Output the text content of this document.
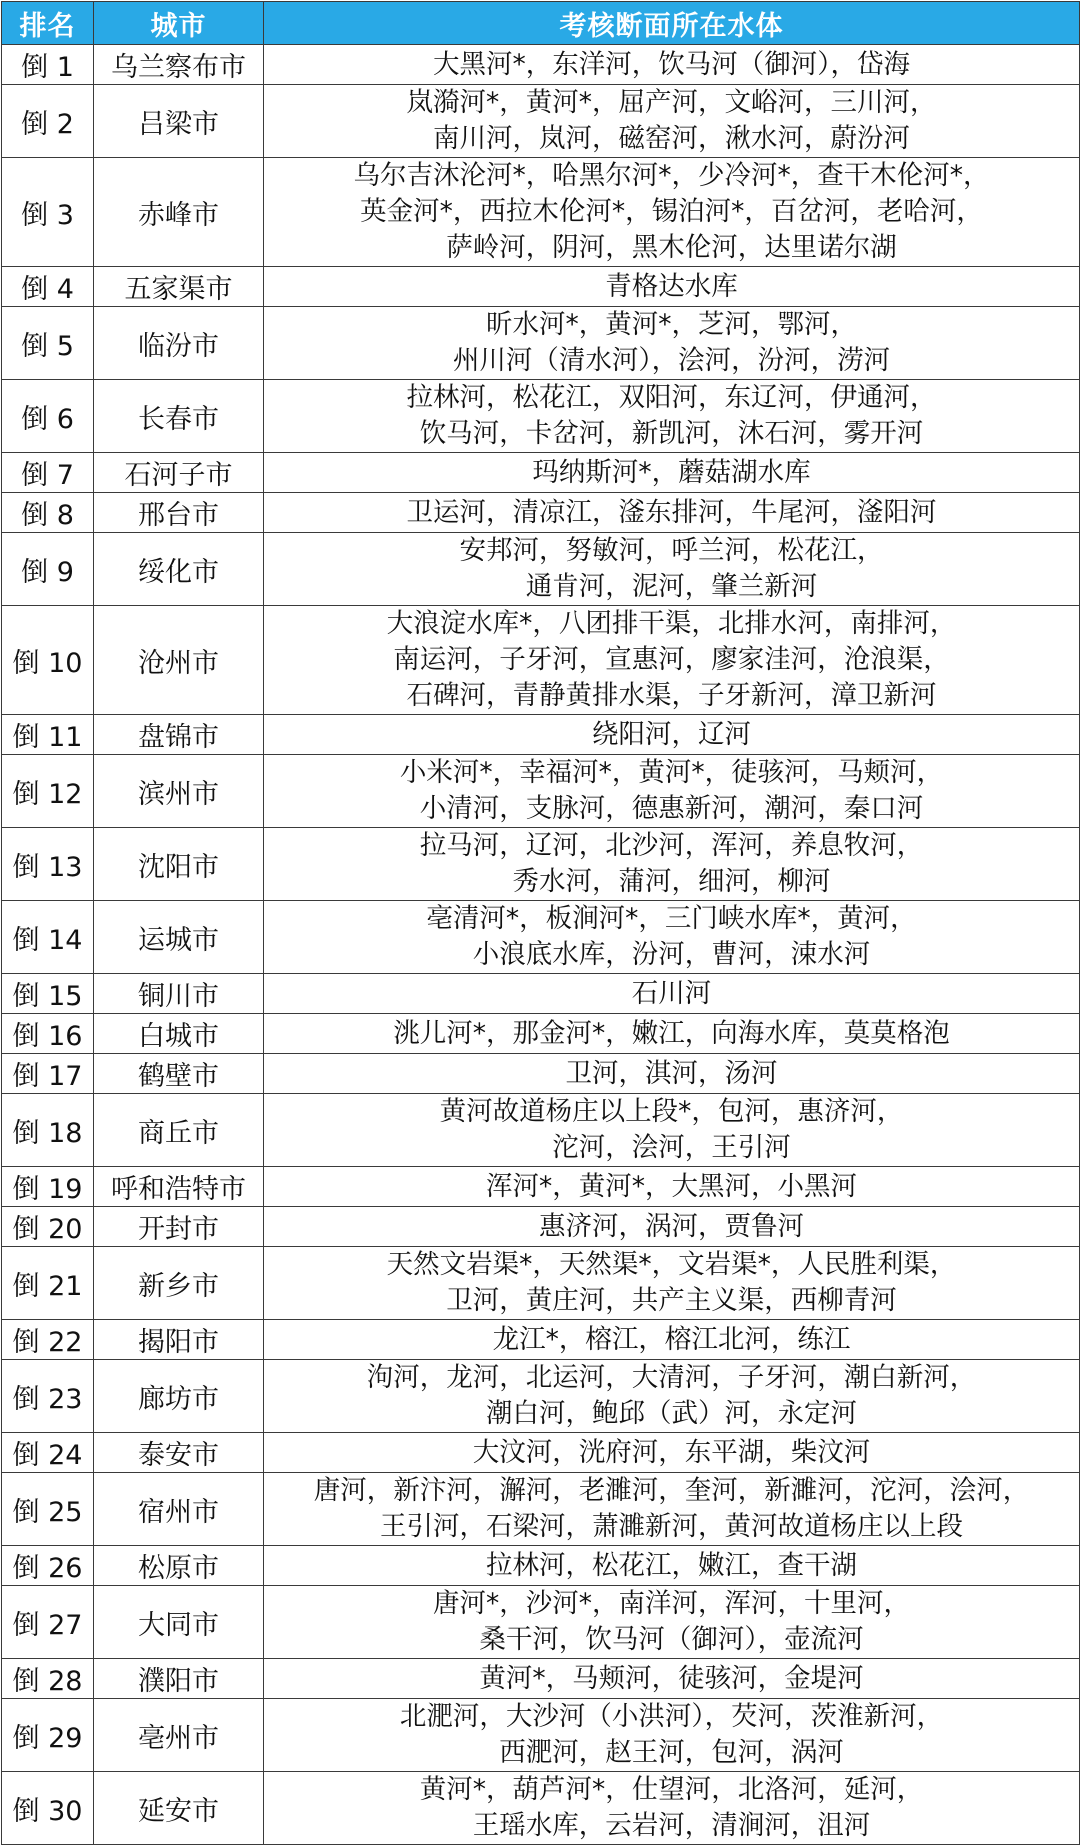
排名	城市	考核断面所在水体
倒 1	乌兰察布市	大黑河*，东洋河，饮马河（御河），岱海
倒 2	吕梁市	岚漪河*，黄河*，屈产河，文峪河，三川河，
南川河，岚河，磁窑河，湫水河，蔚汾河
倒 3	赤峰市	乌尔吉沐沦河*，哈黑尔河*，少冷河*，查干木伦河*，
英金河*，西拉木伦河*，锡泊河*，百岔河，老哈河，
萨岭河，阴河，黑木伦河，达里诺尔湖
倒 4	五家渠市	青格达水库
倒 5	临汾市	昕水河*，黄河*，芝河，鄂河，
州川河（清水河），浍河，汾河，涝河
倒 6	长春市	拉林河，松花江，双阳河，东辽河，伊通河，
饮马河，卡岔河，新凯河，沐石河，雾开河
倒 7	石河子市	玛纳斯河*，蘑菇湖水库
倒 8	邢台市	卫运河，清凉江，滏东排河，牛尾河，滏阳河
倒 9	绥化市	安邦河，努敏河，呼兰河，松花江，
通肯河，泥河，肇兰新河
倒 10	沧州市	大浪淀水库*，八团排干渠，北排水河，南排河，
南运河，子牙河，宣惠河，廖家洼河，沧浪渠，
石碑河，青静黄排水渠，子牙新河，漳卫新河
倒 11	盘锦市	绕阳河，辽河
倒 12	滨州市	小米河*，幸福河*，黄河*，徒骇河，马颊河，
小清河，支脉河，德惠新河，潮河，秦口河
倒 13	沈阳市	拉马河，辽河，北沙河，浑河，养息牧河，
秀水河，蒲河，细河，柳河
倒 14	运城市	亳清河*，板涧河*，三门峡水库*，黄河，
小浪底水库，汾河，曹河，涑水河
倒 15	铜川市	石川河
倒 16	白城市	洮儿河*，那金河*，嫩江，向海水库，莫莫格泡
倒 17	鹤壁市	卫河，淇河，汤河
倒 18	商丘市	黄河故道杨庄以上段*，包河，惠济河，
沱河，浍河，王引河
倒 19	呼和浩特市	浑河*，黄河*，大黑河，小黑河
倒 20	开封市	惠济河，涡河，贾鲁河
倒 21	新乡市	天然文岩渠*，天然渠*，文岩渠*，人民胜利渠，
卫河，黄庄河，共产主义渠，西柳青河
倒 22	揭阳市	龙江*，榕江，榕江北河，练江
倒 23	廊坊市	泃河，龙河，北运河，大清河，子牙河，潮白新河，
潮白河，鲍邱（武）河，永定河
倒 24	泰安市	大汶河，洸府河，东平湖，柴汶河
倒 25	宿州市	唐河，新汴河，澥河，老濉河，奎河，新濉河，沱河，浍河，
王引河，石梁河，萧濉新河，黄河故道杨庄以上段
倒 26	松原市	拉林河，松花江，嫩江，查干湖
倒 27	大同市	唐河*，沙河*，南洋河，浑河，十里河，
桑干河，饮马河（御河），壶流河
倒 28	濮阳市	黄河*，马颊河，徒骇河，金堤河
倒 29	亳州市	北淝河，大沙河（小洪河），芡河，茨淮新河，
西淝河，赵王河，包河，涡河
倒 30	延安市	黄河*，葫芦河*，仕望河，北洛河，延河，
王瑶水库，云岩河，清涧河，沮河
